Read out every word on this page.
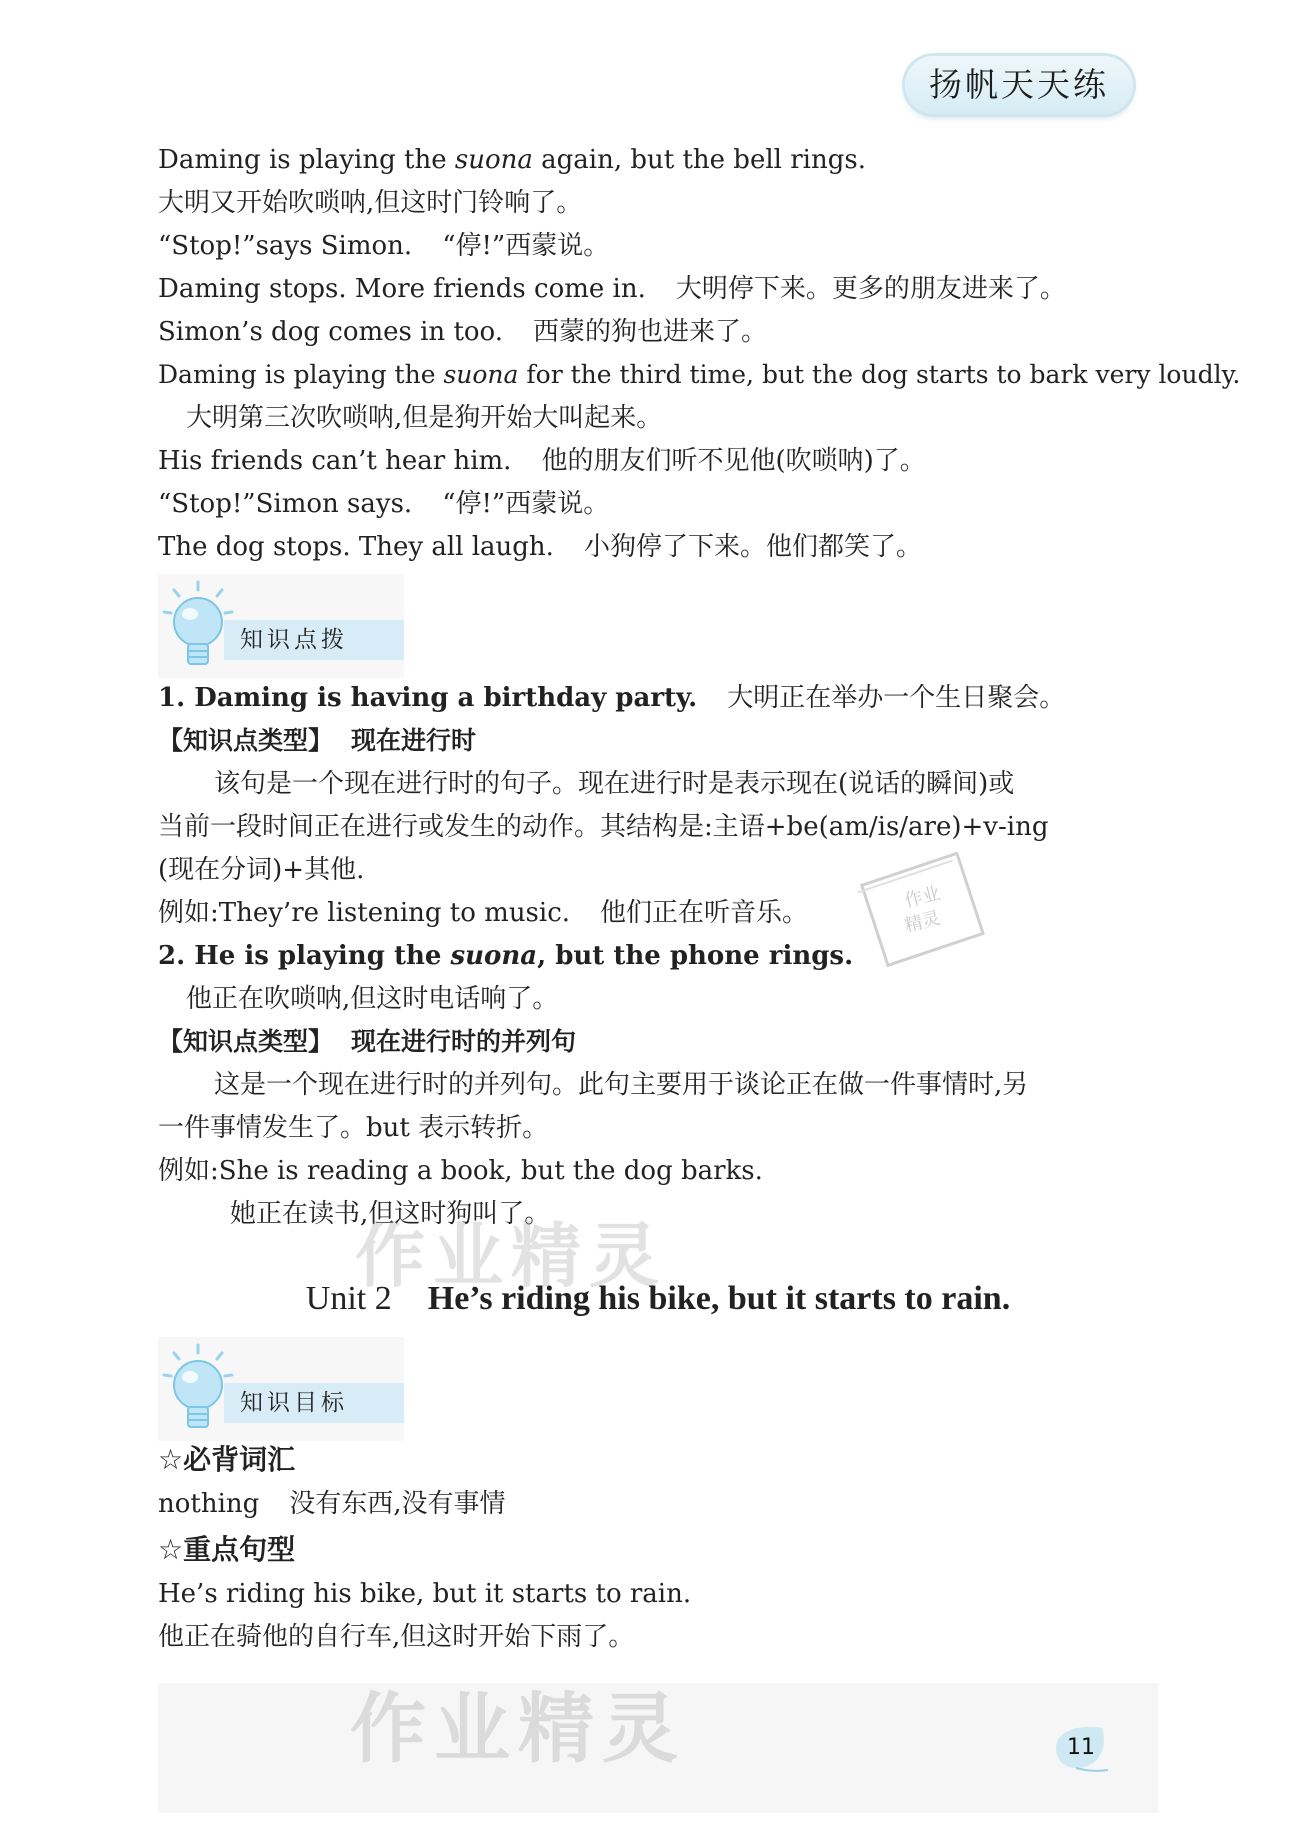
扬帆天天练
Daming is playing the suona again, but the bell rings.
大明又开始吹唢呐,但这时门铃响了。
“Stop!”says Simon. “停!”西蒙说。
Daming stops. More friends come in. 大明停下来。更多的朋友进来了。
Simon’s dog comes in too. 西蒙的狗也进来了。
Daming is playing the suona for the third time, but the dog starts to bark very loudly.
大明第三次吹唢呐,但是狗开始大叫起来。
His friends can’t hear him. 他的朋友们听不见他(吹唢呐)了。
“Stop!”Simon says. “停!”西蒙说。
The dog stops. They all laugh. 小狗停了下来。他们都笑了。
知识点拨
1. Daming is having a birthday party. 大明正在举办一个生日聚会。
【知识点类型】 现在进行时
该句是一个现在进行时的句子。现在进行时是表示现在(说话的瞬间)或
当前一段时间正在进行或发生的动作。其结构是:主语+be(am/is/are)+v-ing
(现在分词)+其他.
例如:They’re listening to music. 他们正在听音乐。
作业
精灵
2. He is playing the suona, but the phone rings.
他正在吹唢呐,但这时电话响了。
【知识点类型】 现在进行时的并列句
这是一个现在进行时的并列句。此句主要用于谈论正在做一件事情时,另
一件事情发生了。but 表示转折。
例如:She is reading a book, but the dog barks.
她正在读书,但这时狗叫了。
作业精灵
Unit 2 He’s riding his bike, but it starts to rain.
知识目标
☆必背词汇
nothing 没有东西,没有事情
☆重点句型
He’s riding his bike, but it starts to rain.
他正在骑他的自行车,但这时开始下雨了。
作业精灵	11
